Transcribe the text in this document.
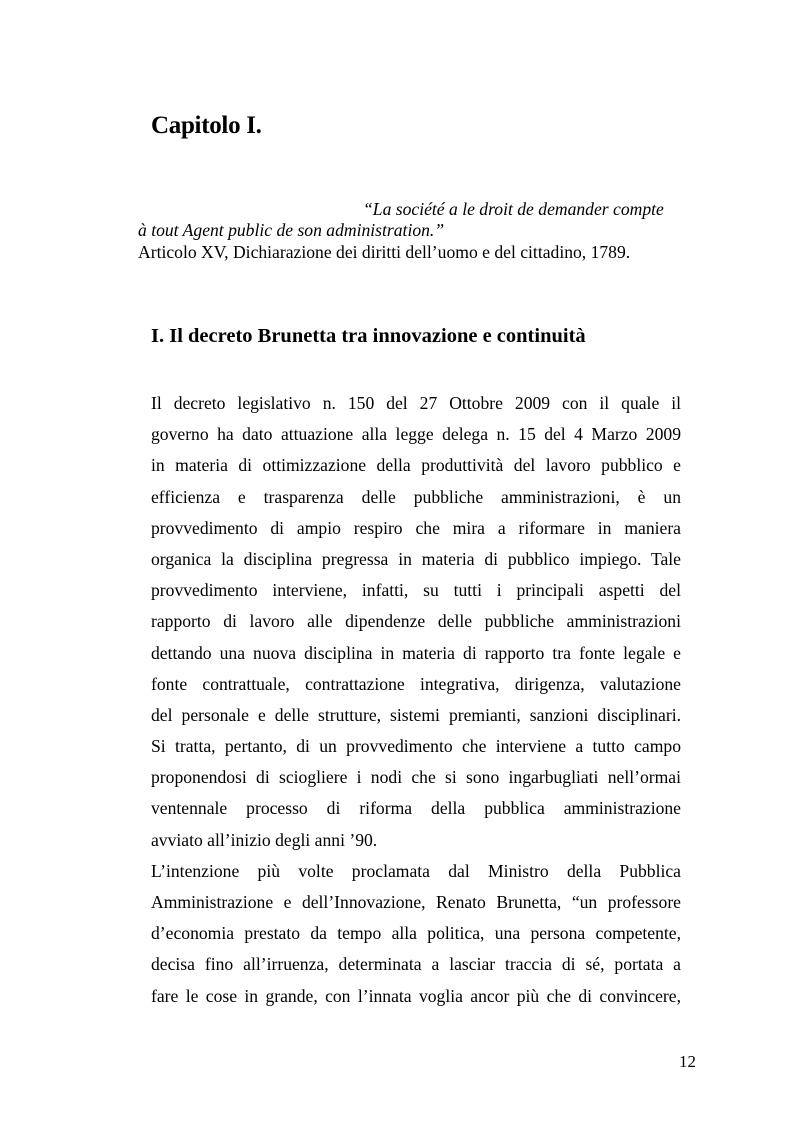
Capitolo I.
“La société a le droit de demander compte
à tout Agent public de son administration.”
Articolo XV, Dichiarazione dei diritti dell’uomo e del cittadino, 1789.
I. Il decreto Brunetta tra innovazione e continuità
Il decreto legislativo n. 150 del 27 Ottobre 2009 con il quale il
governo ha dato attuazione alla legge delega n. 15 del 4 Marzo 2009
in materia di ottimizzazione della produttività del lavoro pubblico e
efficienza e trasparenza delle pubbliche amministrazioni, è un
provvedimento di ampio respiro che mira a riformare in maniera
organica la disciplina pregressa in materia di pubblico impiego. Tale
provvedimento interviene, infatti, su tutti i principali aspetti del
rapporto di lavoro alle dipendenze delle pubbliche amministrazioni
dettando una nuova disciplina in materia di rapporto tra fonte legale e
fonte contrattuale, contrattazione integrativa, dirigenza, valutazione
del personale e delle strutture, sistemi premianti, sanzioni disciplinari.
Si tratta, pertanto, di un provvedimento che interviene a tutto campo
proponendosi di sciogliere i nodi che si sono ingarbugliati nell’ormai
ventennale processo di riforma della pubblica amministrazione
avviato all’inizio degli anni ’90.
L’intenzione più volte proclamata dal Ministro della Pubblica
Amministrazione e dell’Innovazione, Renato Brunetta, “un professore
d’economia prestato da tempo alla politica, una persona competente,
decisa fino all’irruenza, determinata a lasciar traccia di sé, portata a
fare le cose in grande, con l’innata voglia ancor più che di convincere,
12
